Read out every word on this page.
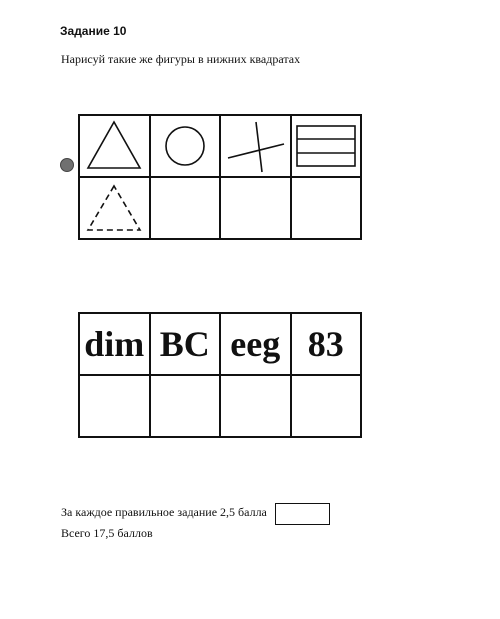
Задание 10
Нарисуй такие же фигуры в нижних квадратах
dim BC eeg 83
За каждое правильное задание 2,5 балла
Всего 17,5 баллов
